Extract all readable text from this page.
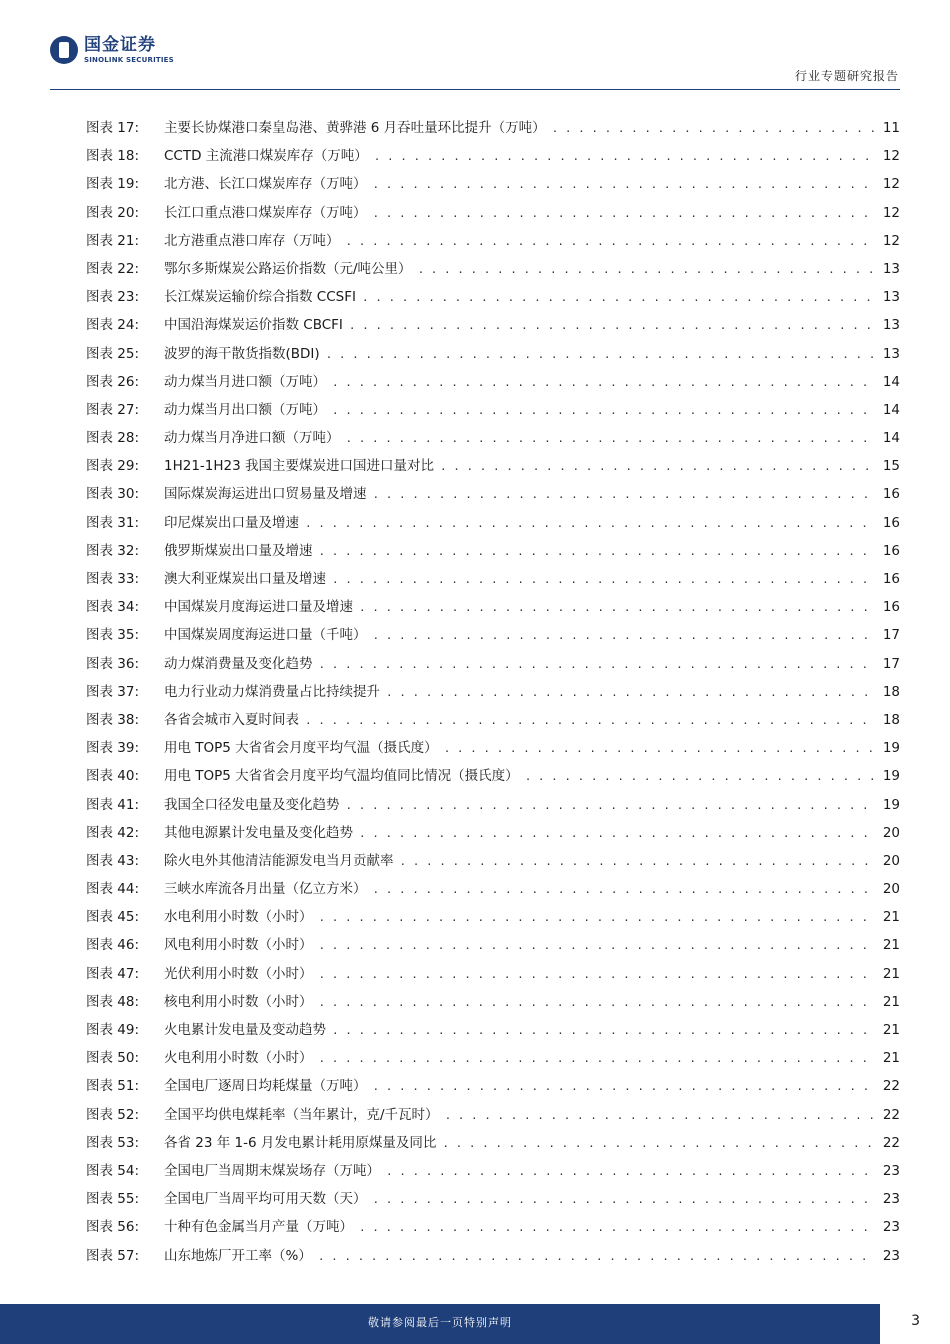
国金证券
SINOLINK SECURITIES
行业专题研究报告
图表 17:	主要长协煤港口秦皇岛港、黄骅港 6 月吞吐量环比提升（万吨） . . .	11
图表 18:	CCTD 主流港口煤炭库存（万吨） . . .	12
图表 19:	北方港、长江口煤炭库存（万吨） . . .	12
图表 20:	长江口重点港口煤炭库存（万吨） . . .	12
图表 21:	北方港重点港口库存（万吨） . . .	12
图表 22:	鄂尔多斯煤炭公路运价指数（元/吨公里） . . .	13
图表 23:	长江煤炭运输价综合指数 CCSFI . . .	13
图表 24:	中国沿海煤炭运价指数 CBCFI . . .	13
图表 25:	波罗的海干散货指数(BDI) . . .	13
图表 26:	动力煤当月进口额（万吨） . . .	14
图表 27:	动力煤当月出口额（万吨） . . .	14
图表 28:	动力煤当月净进口额（万吨） . . .	14
图表 29:	1H21-1H23 我国主要煤炭进口国进口量对比 . . .	15
图表 30:	国际煤炭海运进出口贸易量及增速 . . .	16
图表 31:	印尼煤炭出口量及增速 . . .	16
图表 32:	俄罗斯煤炭出口量及增速 . . .	16
图表 33:	澳大利亚煤炭出口量及增速 . . .	16
图表 34:	中国煤炭月度海运进口量及增速 . . .	16
图表 35:	中国煤炭周度海运进口量（千吨） . . .	17
图表 36:	动力煤消费量及变化趋势 . . .	17
图表 37:	电力行业动力煤消费量占比持续提升 . . .	18
图表 38:	各省会城市入夏时间表 . . .	18
图表 39:	用电 TOP5 大省省会月度平均气温（摄氏度） . . .	19
图表 40:	用电 TOP5 大省省会月度平均气温均值同比情况（摄氏度） . . .	19
图表 41:	我国全口径发电量及变化趋势 . . .	19
图表 42:	其他电源累计发电量及变化趋势 . . .	20
图表 43:	除火电外其他清洁能源发电当月贡献率 . . .	20
图表 44:	三峡水库流各月出量（亿立方米） . . .	20
图表 45:	水电利用小时数（小时） . . .	21
图表 46:	风电利用小时数（小时） . . .	21
图表 47:	光伏利用小时数（小时） . . .	21
图表 48:	核电利用小时数（小时） . . .	21
图表 49:	火电累计发电量及变动趋势 . . .	21
图表 50:	火电利用小时数（小时） . . .	21
图表 51:	全国电厂逐周日均耗煤量（万吨） . . .	22
图表 52:	全国平均供电煤耗率（当年累计，克/千瓦时） . . .	22
图表 53:	各省 23 年 1-6 月发电累计耗用原煤量及同比 . . .	22
图表 54:	全国电厂当周期末煤炭场存（万吨） . . .	23
图表 55:	全国电厂当周平均可用天数（天） . . .	23
图表 56:	十种有色金属当月产量（万吨） . . .	23
图表 57:	山东地炼厂开工率（%） . . .	23
敬请参阅最后一页特别声明	3
